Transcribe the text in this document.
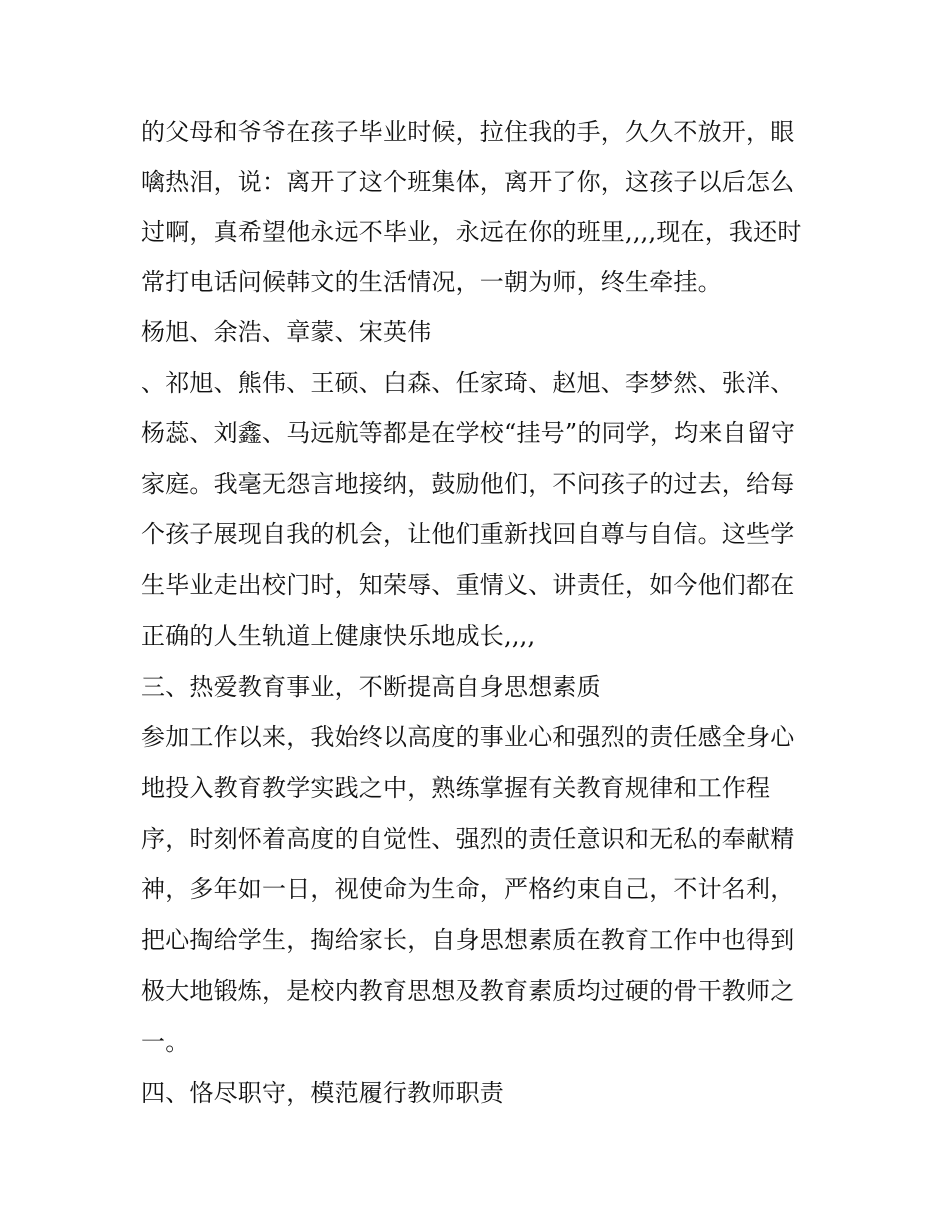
的父母和爷爷在孩子毕业时候，拉住我的手，久久不放开，眼
噙热泪，说：离开了这个班集体，离开了你，这孩子以后怎么
过啊，真希望他永远不毕业，永远在你的班里,,,,现在，我还时
常打电话问候韩文的生活情况，一朝为师，终生牵挂。
杨旭、余浩、章蒙、宋英伟
、祁旭、熊伟、王硕、白森、任家琦、赵旭、李梦然、张洋、
杨蕊、刘鑫、马远航等都是在学校“挂号”的同学，均来自留守
家庭。我毫无怨言地接纳，鼓励他们，不问孩子的过去，给每
个孩子展现自我的机会，让他们重新找回自尊与自信。这些学
生毕业走出校门时，知荣辱、重情义、讲责任，如今他们都在
正确的人生轨道上健康快乐地成长,,,,
三、热爱教育事业，不断提高自身思想素质
参加工作以来，我始终以高度的事业心和强烈的责任感全身心
地投入教育教学实践之中，熟练掌握有关教育规律和工作程
序，时刻怀着高度的自觉性、强烈的责任意识和无私的奉献精
神，多年如一日，视使命为生命，严格约束自己，不计名利，
把心掏给学生，掏给家长，自身思想素质在教育工作中也得到
极大地锻炼，是校内教育思想及教育素质均过硬的骨干教师之
一。
四、恪尽职守，模范履行教师职责
